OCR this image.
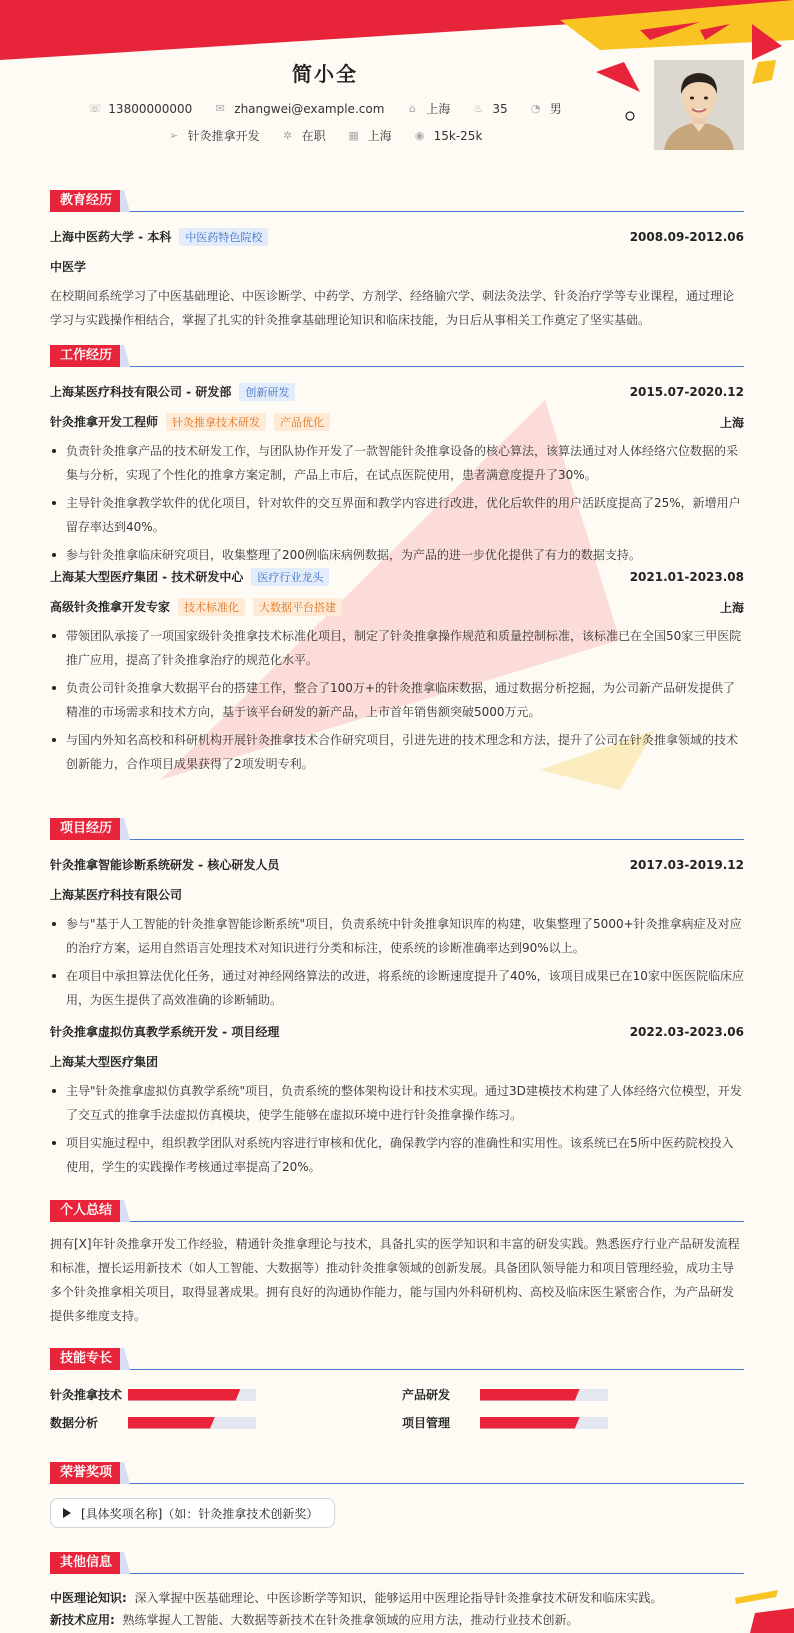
简小全
☏ 13800000000 ✉ zhangwei@example.com ⌂ 上海 ♨ 35 ◔ 男
➢ 针灸推拿开发 ✲ 在职 ▦ 上海 ◉ 15k-25k
教育经历
上海中医药大学 - 本科 中医药特色院校	2008.09-2012.06
中医学
在校期间系统学习了中医基础理论、中医诊断学、中药学、方剂学、经络腧穴学、刺法灸法学、针灸治疗学等专业课程，通过理论学习与实践操作相结合，掌握了扎实的针灸推拿基础理论知识和临床技能，为日后从事相关工作奠定了坚实基础。
工作经历
上海某医疗科技有限公司 - 研发部 创新研发	2015.07-2020.12
针灸推拿开发工程师 针灸推拿技术研发 产品优化	上海
负责针灸推拿产品的技术研发工作，与团队协作开发了一款智能针灸推拿设备的核心算法，该算法通过对人体经络穴位数据的采集与分析，实现了个性化的推拿方案定制，产品上市后，在试点医院使用，患者满意度提升了30%。
主导针灸推拿教学软件的优化项目，针对软件的交互界面和教学内容进行改进，优化后软件的用户活跃度提高了25%，新增用户留存率达到40%。
参与针灸推拿临床研究项目，收集整理了200例临床病例数据，为产品的进一步优化提供了有力的数据支持。
上海某大型医疗集团 - 技术研发中心 医疗行业龙头	2021.01-2023.08
高级针灸推拿开发专家 技术标准化 大数据平台搭建	上海
带领团队承接了一项国家级针灸推拿技术标准化项目，制定了针灸推拿操作规范和质量控制标准，该标准已在全国50家三甲医院推广应用，提高了针灸推拿治疗的规范化水平。
负责公司针灸推拿大数据平台的搭建工作，整合了100万+的针灸推拿临床数据，通过数据分析挖掘，为公司新产品研发提供了精准的市场需求和技术方向，基于该平台研发的新产品，上市首年销售额突破5000万元。
与国内外知名高校和科研机构开展针灸推拿技术合作研究项目，引进先进的技术理念和方法，提升了公司在针灸推拿领域的技术创新能力，合作项目成果获得了2项发明专利。
项目经历
针灸推拿智能诊断系统研发 - 核心研发人员	2017.03-2019.12
上海某医疗科技有限公司
参与"基于人工智能的针灸推拿智能诊断系统"项目，负责系统中针灸推拿知识库的构建，收集整理了5000+针灸推拿病症及对应的治疗方案，运用自然语言处理技术对知识进行分类和标注，使系统的诊断准确率达到90%以上。
在项目中承担算法优化任务，通过对神经网络算法的改进，将系统的诊断速度提升了40%，该项目成果已在10家中医医院临床应用，为医生提供了高效准确的诊断辅助。
针灸推拿虚拟仿真教学系统开发 - 项目经理	2022.03-2023.06
上海某大型医疗集团
主导"针灸推拿虚拟仿真教学系统"项目，负责系统的整体架构设计和技术实现。通过3D建模技术构建了人体经络穴位模型，开发了交互式的推拿手法虚拟仿真模块，使学生能够在虚拟环境中进行针灸推拿操作练习。
项目实施过程中，组织教学团队对系统内容进行审核和优化，确保教学内容的准确性和实用性。该系统已在5所中医药院校投入使用，学生的实践操作考核通过率提高了20%。
个人总结
拥有[X]年针灸推拿开发工作经验，精通针灸推拿理论与技术，具备扎实的医学知识和丰富的研发实践。熟悉医疗行业产品研发流程和标准，擅长运用新技术（如人工智能、大数据等）推动针灸推拿领域的创新发展。具备团队领导能力和项目管理经验，成功主导多个针灸推拿相关项目，取得显著成果。拥有良好的沟通协作能力，能与国内外科研机构、高校及临床医生紧密合作，为产品研发提供多维度支持。
技能专长
针灸推拿技术	产品研发
数据分析	项目管理
荣誉奖项
[具体奖项名称]（如：针灸推拿技术创新奖）
其他信息
中医理论知识: 深入掌握中医基础理论、中医诊断学等知识，能够运用中医理论指导针灸推拿技术研发和临床实践。
新技术应用: 熟练掌握人工智能、大数据等新技术在针灸推拿领域的应用方法，推动行业技术创新。
